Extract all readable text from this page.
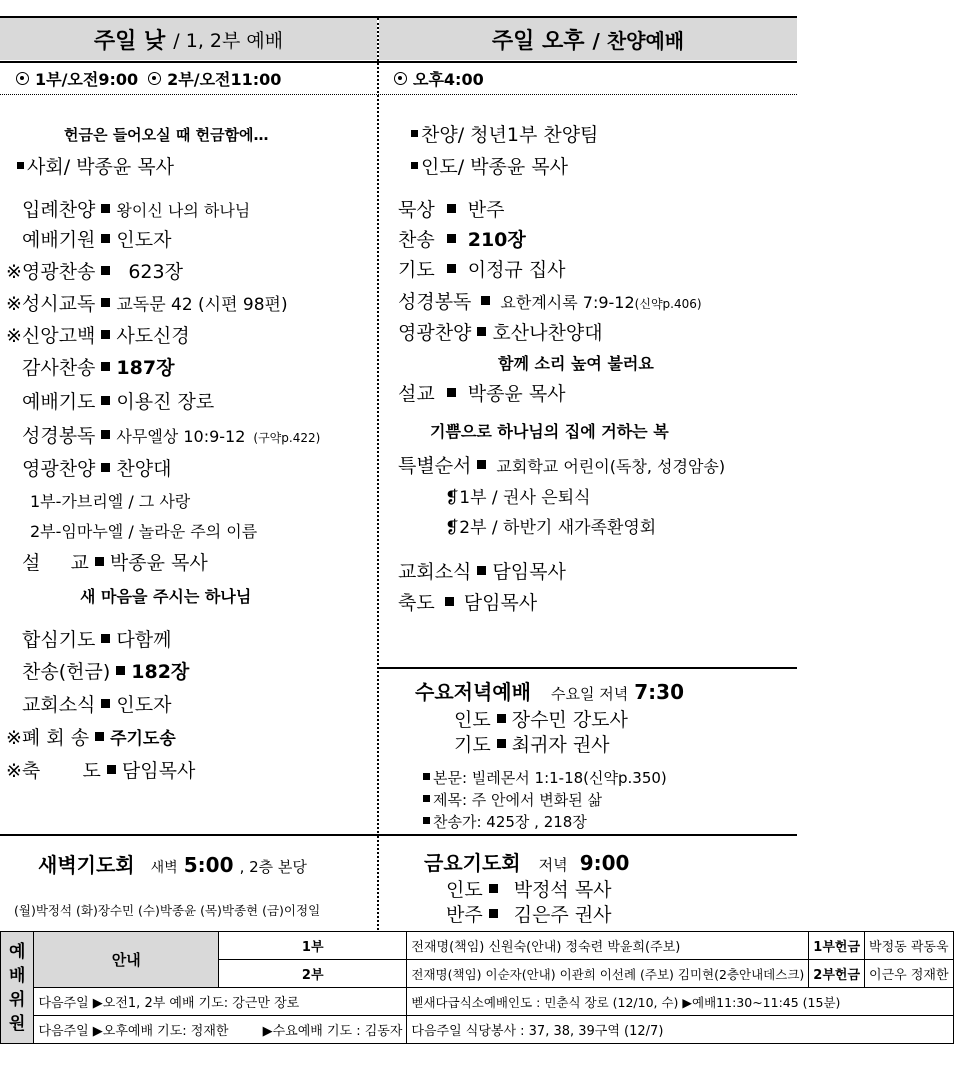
주일 낮 / 1, 2부 예배	주일 오후 / 찬양예배
1부/오전9:00 2부/오전11:00	오후4:00
헌금은 들어오실 때 헌금함에…
사회/ 박종윤 목사
입례찬양 왕이신 나의 하나님
예배기원 인도자
※영광찬송 623장
※성시교독 교독문 42 (시편 98편)
※신앙고백 사도신경
감사찬송 187장
예배기도 이용진 장로
성경봉독 사무엘상 10:9-12 (구약p.422)
영광찬양 찬양대
1부-가브리엘 / 그 사랑
2부-임마누엘 / 놀라운 주의 이름
설     교 박종윤 목사
새 마음을 주시는 하나님
합심기도 다함께
찬송(헌금) 182장
교회소식 인도자
※폐 회 송 주기도송
※축       도 담임목사
찬양/ 청년1부 찬양팀
인도/ 박종윤 목사
묵상 반주
찬송 210장
기도 이정규 집사
성경봉독 요한계시록 7:9-12(신약p.406)
영광찬양 호산나찬양대
함께 소리 높여 불러요
설교 박종윤 목사
기쁨으로 하나님의 집에 거하는 복
특별순서 교회학교 어린이(독창, 성경암송)
❡1부 / 권사 은퇴식
❡2부 / 하반기 새가족환영회
교회소식 담임목사
축도 담임목사
수요저녁예배 수요일 저녁 7:30
인도 장수민 강도사
기도 최귀자 권사
본문: 빌레몬서 1:1-18(신약p.350)
제목: 주 안에서 변화된 삶
찬송가: 425장 , 218장
새벽기도회 새벽 5:00 , 2층 본당
(월)박정석 (화)장수민 (수)박종윤 (목)박종현 (금)이정일
금요기도회 저녁 9:00
인도 박정석 목사
반주 김은주 권사
예배위원	안내	1부	전재명(책임) 신원숙(안내) 정숙련 박윤희(주보)	1부헌금	박정동 곽동욱
		2부	전재명(책임) 이순자(안내) 이관희 이선례 (주보) 김미현(2층안내데스크)	2부헌금	이근우 정재한
	다음주일 ▶오전1, 2부 예배 기도: 강근만 장로		벧새다급식소예배인도 : 민춘식 장로 (12/10, 수) ▶예배11:30~11:45 (15분)		
	다음주일 ▶오후예배 기도: 정재한 ▶수요예배 기도 : 김동자		다음주일 식당봉사 : 37, 38, 39구역 (12/7)		
